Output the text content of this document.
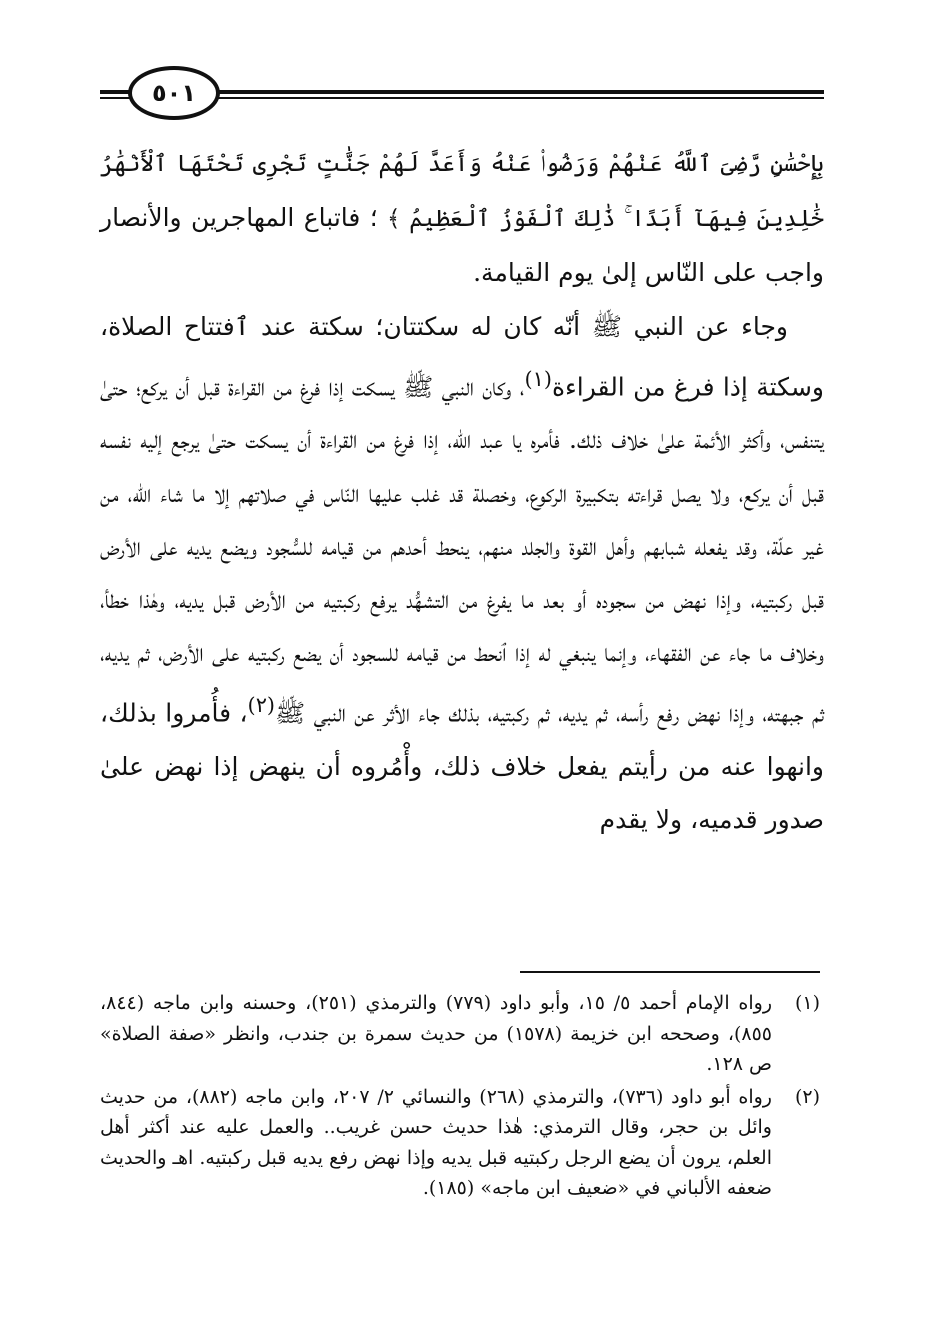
٥٠١

بِإِحْسَٰنٍ رَّضِىَ ٱللَّهُ عَنْهُمْ وَرَضُوا۟ عَنْهُ وَأَعَدَّ لَهُمْ جَنَّٰتٍ تَجْرِى تَحْتَهَا ٱلْأَنْهَٰرُ خَٰلِدِينَ فِيهَآ أَبَدًا ۚ ذَٰلِكَ ٱلْفَوْزُ ٱلْعَظِيمُ ﴾ ؛ فاتباع المهاجرين والأنصار واجب على النّاس إلىٰ يوم القيامة.

وجاء عن النبي ﷺ أنّه كان له سكتتان؛ سكتة عند ٱفتتاح الصلاة، وسكتة إذا فرغ من القراءة$^{(١)}$، وكان النبي ﷺ يسكت إذا فرغ من القراءة قبل أن يركع؛ حتىٰ يتنفس، وأكثر الأئمة علىٰ خلاف ذلك. فأمره يا عبد الله، إذا فرغ من القراءة أن يسكت حتىٰ يرجع إليه نفسه قبل أن يركع، ولا يصل قراءته بتكبيرة الركوع، وخصلة قد غلب عليها النّاس في صلاتهم إلا ما شاء الله، من غير علّة، وقد يفعله شبابهم وأهل القوة والجلد منهم، ينحط أحدهم من قيامه للسُّجود ويضع يديه على الأرض قبل ركبتيه، وإذا نهض من سجوده أو بعد ما يفرغ من التشهُّد يرفع ركبتيه من الأرض قبل يديه، وهٰذا خطأ، وخلاف ما جاء عن الفقهاء، وإنما ينبغي له إذا ٱنحط من قيامه للسجود أن يضع ركبتيه على الأرض، ثم يديه، ثم جبهته، وإذا نهض رفع رأسه، ثم يديه، ثم ركبتيه، بذلك جاء الأثر عن النبي ﷺ$^{(٢)}$، فأُمروا بذلك، وانهوا عنه من رأيتم يفعل خلاف ذلك، وأْمُروه أن ينهض إذا نهض علىٰ صدور قدميه، ولا يقدم

(١)
رواه الإمام أحمد ٥/ ١٥، وأبو داود (٧٧٩) والترمذي (٢٥١)، وحسنه وابن ماجه (٨٤٤، ٨٥٥)، وصححه ابن خزيمة (١٥٧٨) من حديث سمرة بن جندب، وانظر «صفة الصلاة» ص ١٢٨.
(٢)
رواه أبو داود (٧٣٦)، والترمذي (٢٦٨) والنسائي ٢/ ٢٠٧، وابن ماجه (٨٨٢)، من حديث وائل بن حجر، وقال الترمذي: هٰذا حديث حسن غريب.. والعمل عليه عند أكثر أهل العلم، يرون أن يضع الرجل ركبتيه قبل يديه وإذا نهض رفع يديه قبل ركبتيه. اهـ والحديث ضعفه الألباني في «ضعيف ابن ماجه» (١٨٥).
